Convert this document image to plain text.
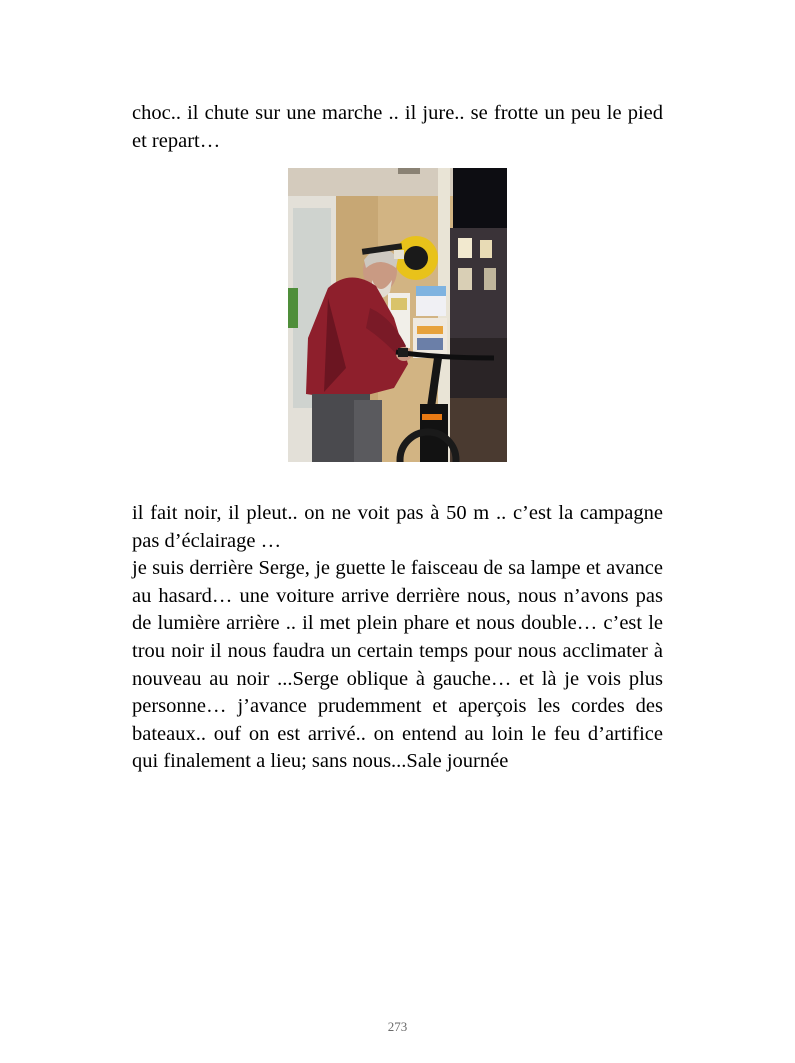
choc.. il chute sur une marche .. il jure.. se frotte un peu le pied et repart…

il fait noir, il pleut.. on ne voit pas à 50 m .. c’est la campagne pas d’éclairage …
je suis derrière Serge, je guette le faisceau de sa lampe et avance au hasard… une voiture arrive derrière nous, nous n’avons pas de lumière arrière .. il met plein phare et nous double… c’est le trou noir il nous faudra un certain temps pour nous acclimater à nouveau au noir ...Serge oblique à gauche… et là je vois plus personne… j’avance prudemment et aperçois les cordes des bateaux.. ouf on est arrivé.. on entend au loin le feu d’artifice qui finalement a lieu; sans nous...Sale journée

273
